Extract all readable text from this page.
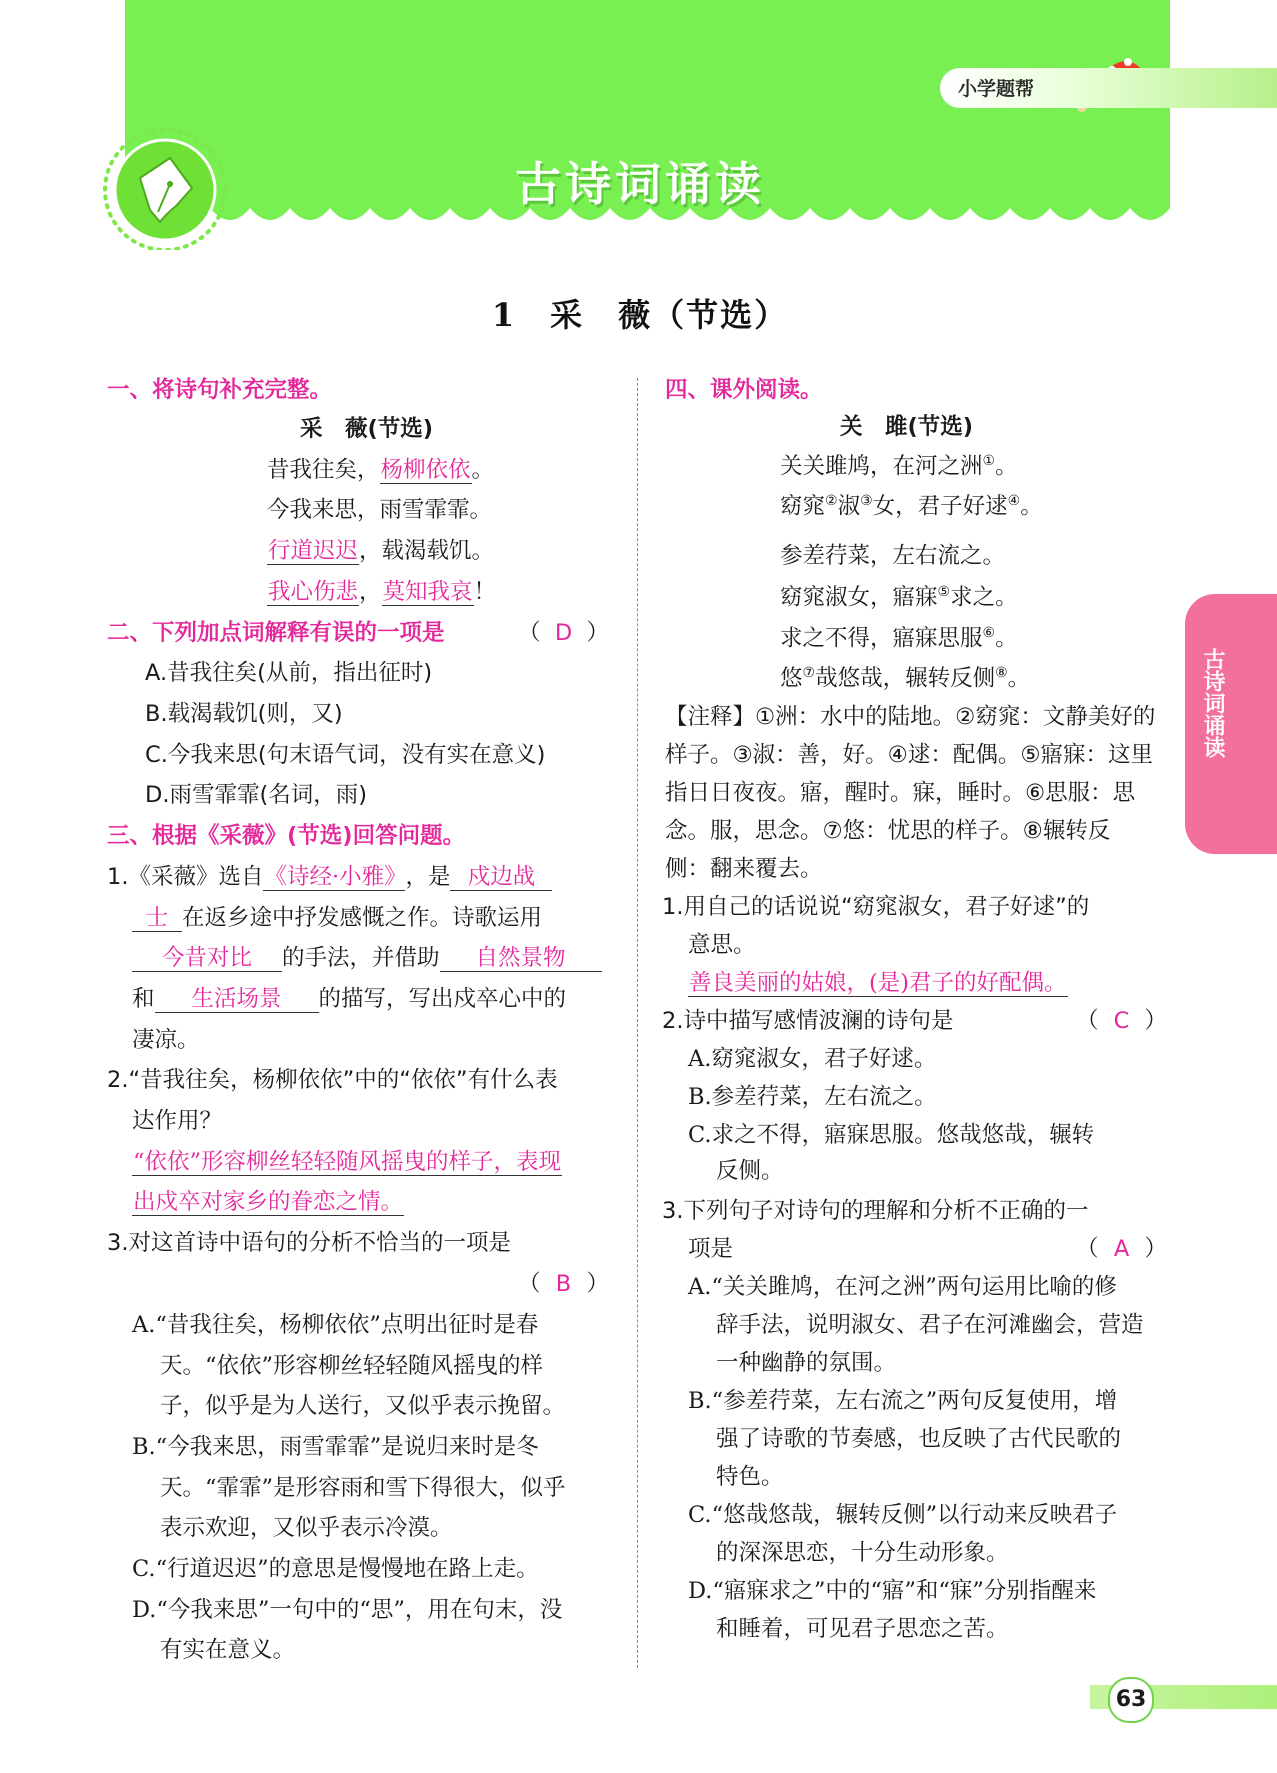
小学题帮
古诗词诵读
1　采　薇（节选）
一、将诗句补充完整。
采　薇(节选)
昔我往矣，杨柳依依。
今我来思，雨雪霏霏。
行道迟迟，载渴载饥。
我心伤悲，莫知我哀！
二、下列加点词解释有误的一项是	（ D ）
A.昔我往矣(从前，指出征时)
B.载渴载饥(则，又)
C.今我来思(句末语气词，没有实在意义)
D.雨雪霏霏(名词，雨)
三、根据《采薇》(节选)回答问题。
1.《采薇》选自《诗经·小雅》，是 戍边战
士 在返乡途中抒发感慨之作。诗歌运用
今昔对比 的手法，并借助 自然景物
和 生活场景 的描写，写出戍卒心中的
凄凉。
2.“昔我往矣，杨柳依依”中的“依依”有什么表
达作用？
“依依”形容柳丝轻轻随风摇曳的样子，表现
出戍卒对家乡的眷恋之情。
3.对这首诗中语句的分析不恰当的一项是
（ B ）
A.“昔我往矣，杨柳依依”点明出征时是春
天。“依依”形容柳丝轻轻随风摇曳的样
子，似乎是为人送行，又似乎表示挽留。
B.“今我来思，雨雪霏霏”是说归来时是冬
天。“霏霏”是形容雨和雪下得很大，似乎
表示欢迎，又似乎表示冷漠。
C.“行道迟迟”的意思是慢慢地在路上走。
D.“今我来思”一句中的“思”，用在句末，没
有实在意义。
四、课外阅读。
关　雎(节选)
关关雎鸠，在河之洲①。
窈窕②淑③女，君子好逑④。
参差荇菜，左右流之。
窈窕淑女，寤寐⑤求之。
求之不得，寤寐思服⑥。
悠⑦哉悠哉，辗转反侧⑧。
【注释】①洲：水中的陆地。②窈窕：文静美好的
样子。③淑：善，好。④逑：配偶。⑤寤寐：这里
指日日夜夜。寤，醒时。寐，睡时。⑥思服：思
念。服，思念。⑦悠：忧思的样子。⑧辗转反
侧：翻来覆去。
1.用自己的话说说“窈窕淑女，君子好逑”的
意思。
善良美丽的姑娘，(是)君子的好配偶。
2.诗中描写感情波澜的诗句是	（ C ）
A.窈窕淑女，君子好逑。
B.参差荇菜，左右流之。
C.求之不得，寤寐思服。悠哉悠哉，辗转
反侧。
3.下列句子对诗句的理解和分析不正确的一
项是	（ A ）
A.“关关雎鸠，在河之洲”两句运用比喻的修
辞手法，说明淑女、君子在河滩幽会，营造
一种幽静的氛围。
B.“参差荇菜，左右流之”两句反复使用，增
强了诗歌的节奏感，也反映了古代民歌的
特色。
C.“悠哉悠哉，辗转反侧”以行动来反映君子
的深深思恋，十分生动形象。
D.“寤寐求之”中的“寤”和“寐”分别指醒来
和睡着，可见君子思恋之苦。
古诗词诵读
63
